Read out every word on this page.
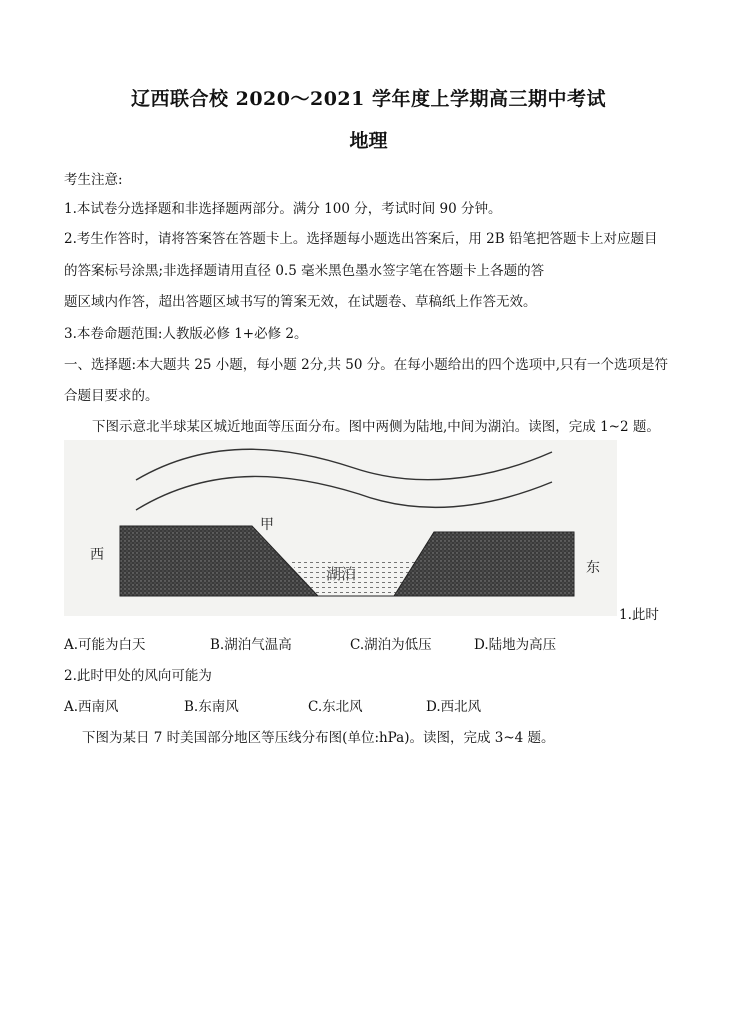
辽西联合校 2020～2021 学年度上学期高三期中考试
地理
考生注意:
1.本试卷分选择题和非选择题两部分。满分 100 分，考试时间 90 分钟。
2.考生作答时，请将答案答在答题卡上。选择题每小题选出答案后，用 2B 铅笔把答题卡上对应题目
的答案标号涂黑;非选择题请用直径 0.5 毫米黑色墨水签字笔在答题卡上各题的答
题区域内作答，超出答题区域书写的箐案无效，在试题卷、草稿纸上作答无效。
3.本卷命题范围:人教版必修 1+必修 2。
一、选择题:本大题共 25 小题，每小题 2分,共 50 分。在每小题给出的四个选项中,只有一个选项是符
合题目要求的。
下图示意北半球某区城近地面等压面分布。图中两侧为陆地,中间为湖泊。读图，完成 1~2 题。
西
东
甲
湖泊
1.此时
A.可能为白天	B.湖泊气温高	C.湖泊为低压	D.陆地为高压
2.此时甲处的风向可能为
A.西南风	B.东南风	C.东北风	D.西北风
下图为某日 7 时美国部分地区等压线分布图(单位:hPa)。读图，完成 3~4 题。
